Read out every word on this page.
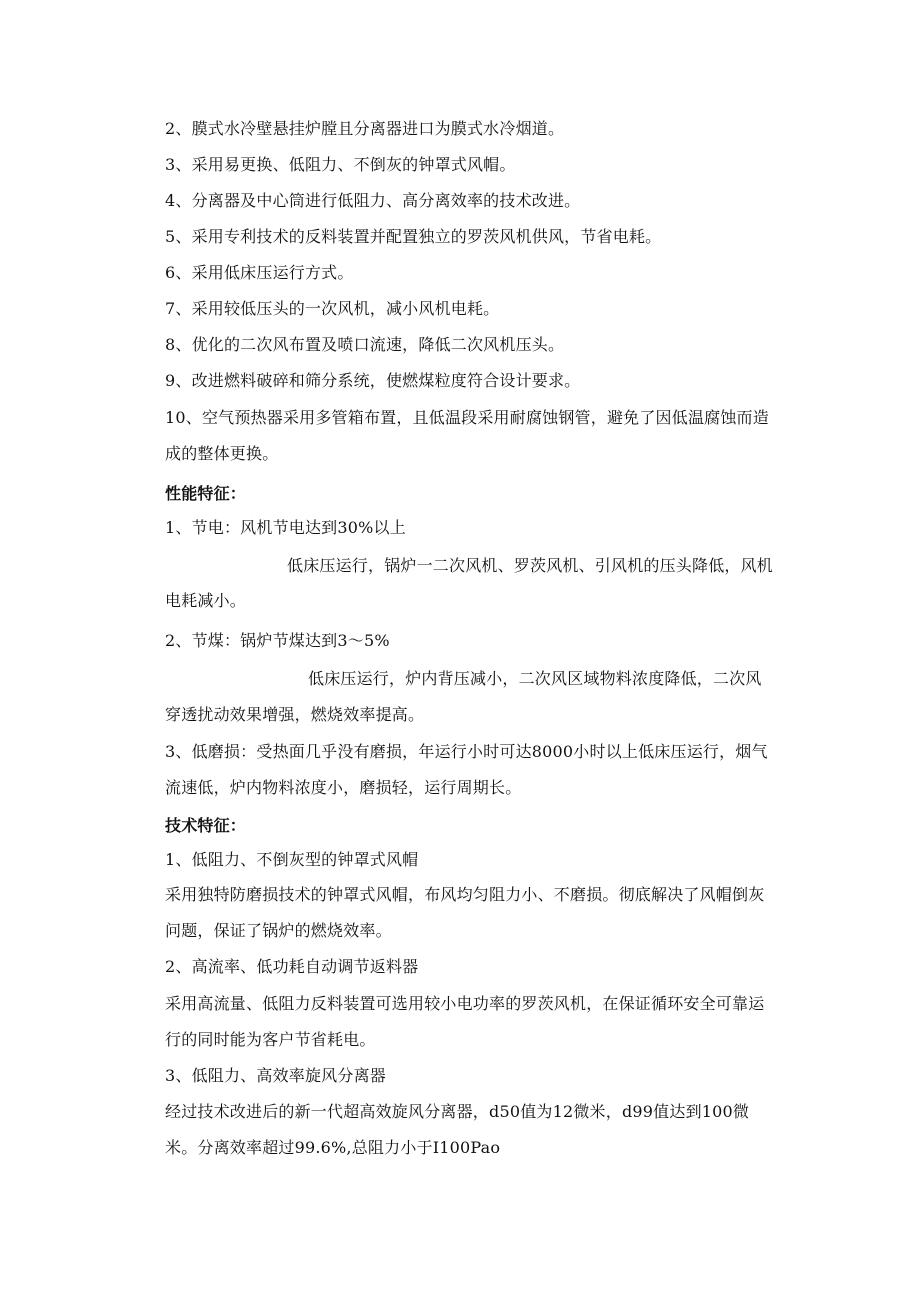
2、膜式水冷壁悬挂炉膛且分离器进口为膜式水冷烟道。
3、采用易更换、低阻力、不倒灰的钟罩式风帽。
4、分离器及中心筒进行低阻力、高分离效率的技术改进。
5、采用专利技术的反料装置并配置独立的罗茨风机供风，节省电耗。
6、采用低床压运行方式。
7、采用较低压头的一次风机，减小风机电耗。
8、优化的二次风布置及喷口流速，降低二次风机压头。
9、改进燃料破碎和筛分系统，使燃煤粒度符合设计要求。
10、空气预热器采用多管箱布置，且低温段采用耐腐蚀钢管，避免了因低温腐蚀而造
成的整体更换。
性能特征：
1、节电：风机节电达到30%以上
低床压运行，锅炉一二次风机、罗茨风机、引风机的压头降低，风机
电耗减小。
2、节煤：锅炉节煤达到3～5%
低床压运行，炉内背压减小，二次风区域物料浓度降低，二次风
穿透扰动效果增强，燃烧效率提高。
3、低磨损：受热面几乎没有磨损，年运行小时可达8000小时以上低床压运行，烟气
流速低，炉内物料浓度小，磨损轻，运行周期长。
技术特征：
1、低阻力、不倒灰型的钟罩式风帽
采用独特防磨损技术的钟罩式风帽，布风均匀阻力小、不磨损。彻底解决了风帽倒灰
问题，保证了锅炉的燃烧效率。
2、高流率、低功耗自动调节返料器
采用高流量、低阻力反料装置可选用较小电功率的罗茨风机，在保证循环安全可靠运
行的同时能为客户节省耗电。
3、低阻力、高效率旋风分离器
经过技术改进后的新一代超高效旋风分离器，d50值为12微米，d99值达到100微
米。分离效率超过99.6%,总阻力小于I100Pao
